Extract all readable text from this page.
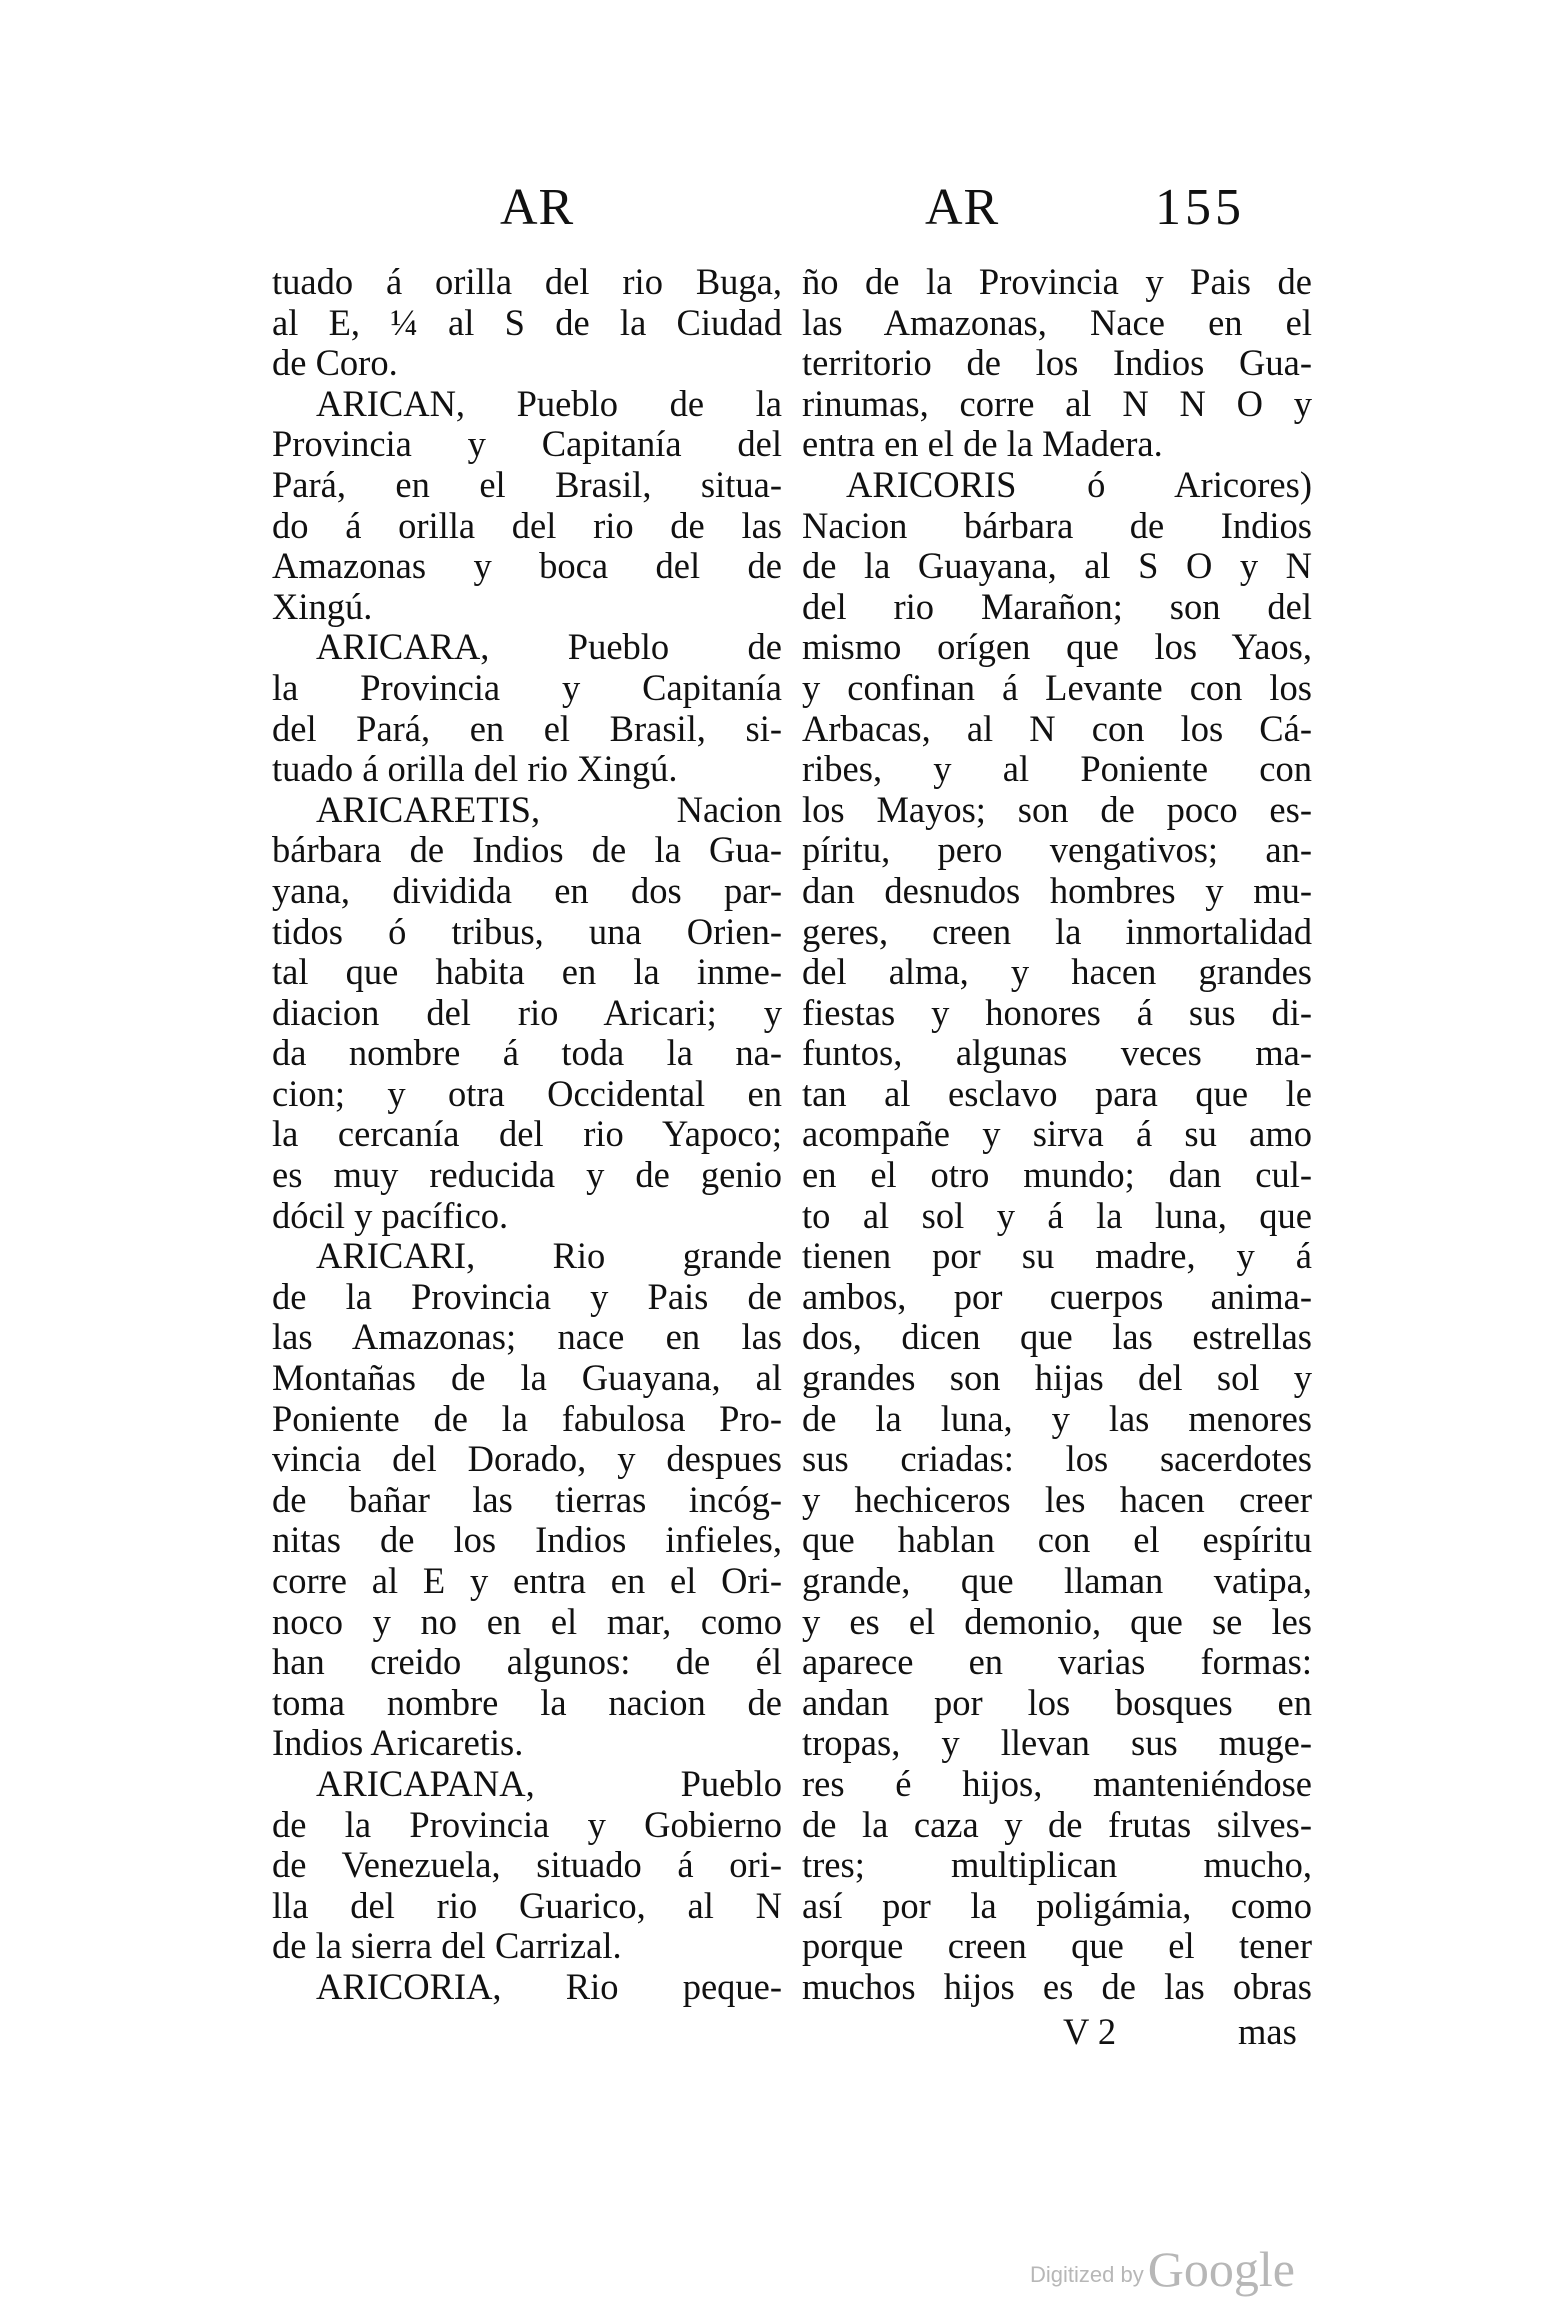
AR	AR	155
tuado á orilla del rio Buga,
al E, ¼ al S de la Ciudad
de Coro.
ARICAN, Pueblo de la
Provincia y Capitanía del
Pará, en el Brasil, situa-
do á orilla del rio de las
Amazonas y boca del de
Xingú.
ARICARA, Pueblo de
la Provincia y Capitanía
del Pará, en el Brasil, si-
tuado á orilla del rio Xingú.
ARICARETIS, Nacion
bárbara de Indios de la Gua-
yana, dividida en dos par-
tidos ó tribus, una Orien-
tal que habita en la inme-
diacion del rio Aricari; y
da nombre á toda la na-
cion; y otra Occidental en
la cercanía del rio Yapoco;
es muy reducida y de genio
dócil y pacífico.
ARICARI, Rio grande
de la Provincia y Pais de
las Amazonas; nace en las
Montañas de la Guayana, al
Poniente de la fabulosa Pro-
vincia del Dorado, y despues
de bañar las tierras incóg-
nitas de los Indios infieles,
corre al E y entra en el Ori-
noco y no en el mar, como
han creido algunos: de él
toma nombre la nacion de
Indios Aricaretis.
ARICAPANA, Pueblo
de la Provincia y Gobierno
de Venezuela, situado á ori-
lla del rio Guarico, al N
de la sierra del Carrizal.
ARICORIA, Rio peque-
ño de la Provincia y Pais de
las Amazonas, Nace en el
territorio de los Indios Gua-
rinumas, corre al N N O y
entra en el de la Madera.
ARICORIS ó Aricores)
Nacion bárbara de Indios
de la Guayana, al S O y N
del rio Marañon; son del
mismo orígen que los Yaos,
y confinan á Levante con los
Arbacas, al N con los Cá-
ribes, y al Poniente con
los Mayos; son de poco es-
píritu, pero vengativos; an-
dan desnudos hombres y mu-
geres, creen la inmortalidad
del alma, y hacen grandes
fiestas y honores á sus di-
funtos, algunas veces ma-
tan al esclavo para que le
acompañe y sirva á su amo
en el otro mundo; dan cul-
to al sol y á la luna, que
tienen por su madre, y á
ambos, por cuerpos anima-
dos, dicen que las estrellas
grandes son hijas del sol y
de la luna, y las menores
sus criadas: los sacerdotes
y hechiceros les hacen creer
que hablan con el espíritu
grande, que llaman vatipa,
y es el demonio, que se les
aparece en varias formas:
andan por los bosques en
tropas, y llevan sus muge-
res é hijos, manteniéndose
de la caza y de frutas silves-
tres; multiplican mucho,
así por la poligámia, como
porque creen que el tener
muchos hijos es de las obras
V 2	mas
Digitized by Google
